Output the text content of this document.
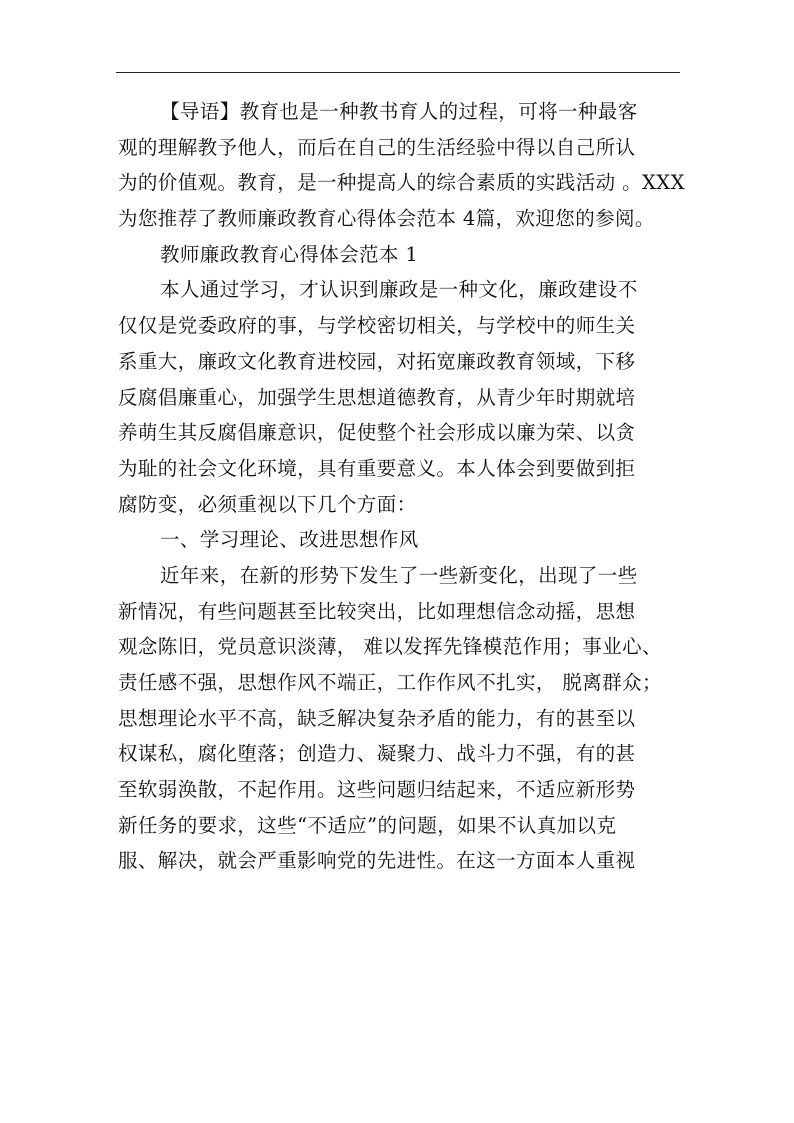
【导语】教育也是一种教书育人的过程，可将一种最客
观的理解教予他人，而后在自己的生活经验中得以自己所认
为的价值观。教育，是一种提高人的综合素质的实践活动 。XXX
为您推荐了教师廉政教育心得体会范本 4篇，欢迎您的参阅。
教师廉政教育心得体会范本 1
本人通过学习，才认识到廉政是一种文化，廉政建设不
仅仅是党委政府的事，与学校密切相关，与学校中的师生关
系重大，廉政文化教育进校园，对拓宽廉政教育领域，下移
反腐倡廉重心，加强学生思想道德教育，从青少年时期就培
养萌生其反腐倡廉意识，促使整个社会形成以廉为荣、以贪
为耻的社会文化环境，具有重要意义。本人体会到要做到拒
腐防变，必须重视以下几个方面：
一、学习理论、改进思想作风
近年来，在新的形势下发生了一些新变化，出现了一些
新情况，有些问题甚至比较突出，比如理想信念动摇，思想
观念陈旧，党员意识淡薄， 难以发挥先锋模范作用；事业心、
责任感不强，思想作风不端正，工作作风不扎实， 脱离群众；
思想理论水平不高，缺乏解决复杂矛盾的能力，有的甚至以
权谋私，腐化堕落；创造力、凝聚力、战斗力不强，有的甚
至软弱涣散，不起作用。这些问题归结起来，不适应新形势
新任务的要求，这些“不适应”的问题，如果不认真加以克
服、解决，就会严重影响党的先进性。在这一方面本人重视
